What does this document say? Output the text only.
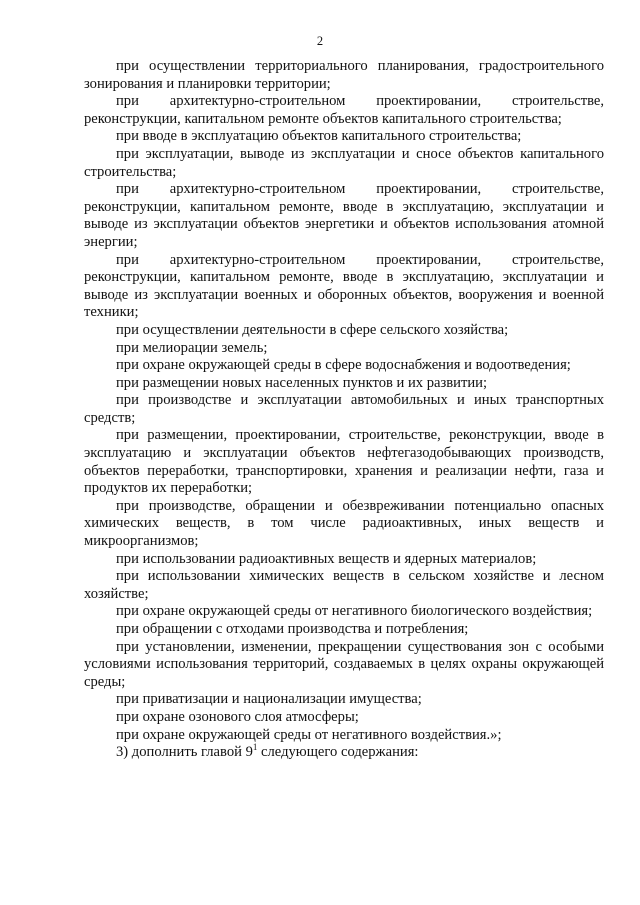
2

при осуществлении территориального планирования, градостроительного зонирования и планировки территории;

при архитектурно-строительном проектировании, строительстве, реконструкции, капитальном ремонте объектов капитального строительства;

при вводе в эксплуатацию объектов капитального строительства;

при эксплуатации, выводе из эксплуатации и сносе объектов капитального строительства;

при архитектурно-строительном проектировании, строительстве, реконструкции, капитальном ремонте, вводе в эксплуатацию, эксплуатации и выводе из эксплуатации объектов энергетики и объектов использования атомной энергии;

при архитектурно-строительном проектировании, строительстве, реконструкции, капитальном ремонте, вводе в эксплуатацию, эксплуатации и выводе из эксплуатации военных и оборонных объектов, вооружения и военной техники;

при осуществлении деятельности в сфере сельского хозяйства;

при мелиорации земель;

при охране окружающей среды в сфере водоснабжения и водоотведения;

при размещении новых населенных пунктов и их развитии;

при производстве и эксплуатации автомобильных и иных транспортных средств;

при размещении, проектировании, строительстве, реконструкции, вводе в эксплуатацию и эксплуатации объектов нефтегазодобывающих производств, объектов переработки, транспортировки, хранения и реализации нефти, газа и продуктов их переработки;

при производстве, обращении и обезвреживании потенциально опасных химических веществ, в том числе радиоактивных, иных веществ и микроорганизмов;

при использовании радиоактивных веществ и ядерных материалов;

при использовании химических веществ в сельском хозяйстве и лесном хозяйстве;

при охране окружающей среды от негативного биологического воздействия;

при обращении с отходами производства и потребления;

при установлении, изменении, прекращении существования зон с особыми условиями использования территорий, создаваемых в целях охраны окружающей среды;

при приватизации и национализации имущества;

при охране озонового слоя атмосферы;

при охране окружающей среды от негативного воздействия.»;

3) дополнить главой $9^1$ следующего содержания:
